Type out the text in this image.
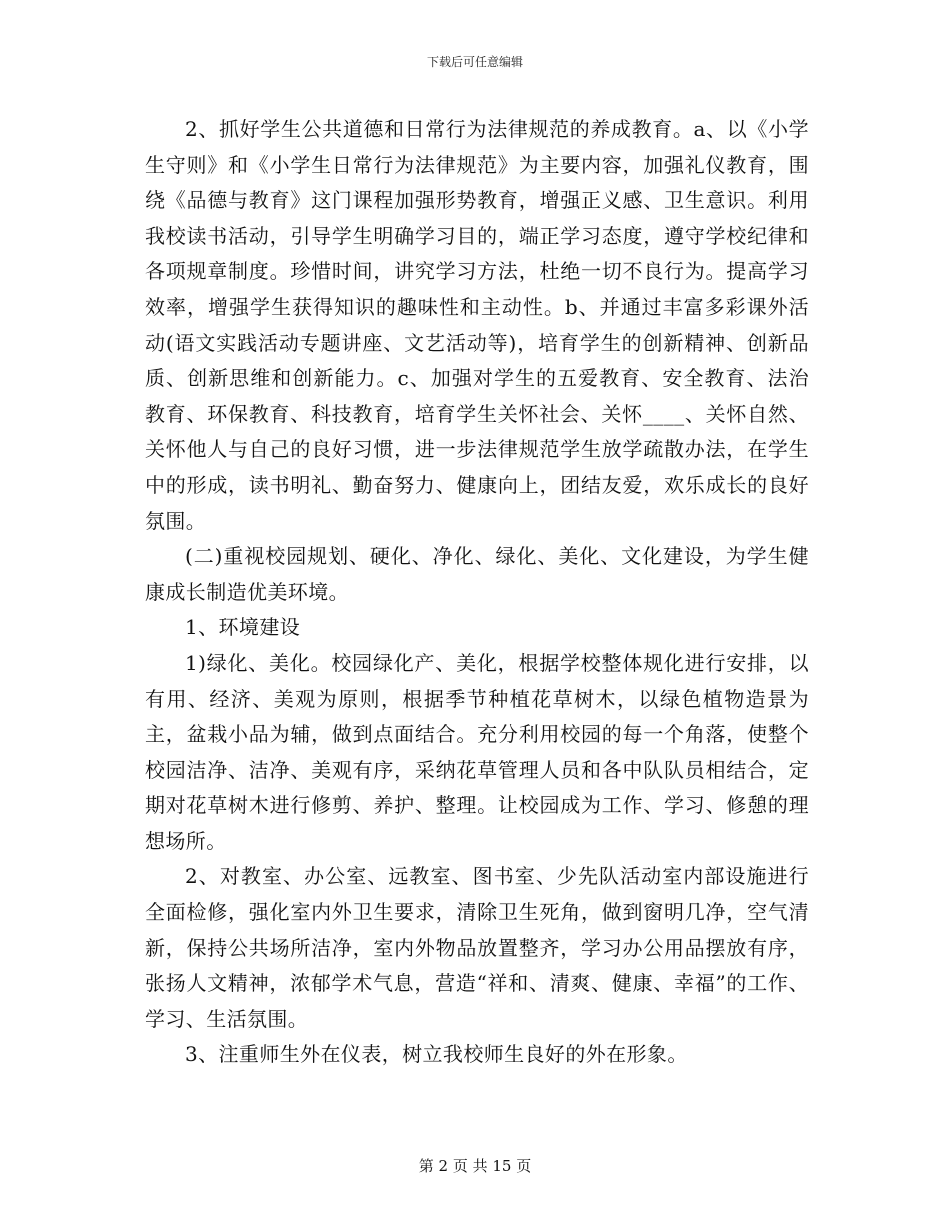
下载后可任意编辑

2、抓好学生公共道德和日常行为法律规范的养成教育。a、以《小学生守则》和《小学生日常行为法律规范》为主要内容，加强礼仪教育，围绕《品德与教育》这门课程加强形势教育，增强正义感、卫生意识。利用我校读书活动，引导学生明确学习目的，端正学习态度，遵守学校纪律和各项规章制度。珍惜时间，讲究学习方法，杜绝一切不良行为。提高学习效率，增强学生获得知识的趣味性和主动性。b、并通过丰富多彩课外活动(语文实践活动专题讲座、文艺活动等)，培育学生的创新精神、创新品质、创新思维和创新能力。c、加强对学生的五爱教育、安全教育、法治教育、环保教育、科技教育，培育学生关怀社会、关怀____、关怀自然、关怀他人与自己的良好习惯，进一步法律规范学生放学疏散办法，在学生中的形成，读书明礼、勤奋努力、健康向上，团结友爱，欢乐成长的良好氛围。

(二)重视校园规划、硬化、净化、绿化、美化、文化建设，为学生健康成长制造优美环境。

1、环境建设

1)绿化、美化。校园绿化产、美化，根据学校整体规化进行安排，以有用、经济、美观为原则，根据季节种植花草树木，以绿色植物造景为主，盆栽小品为辅，做到点面结合。充分利用校园的每一个角落，使整个校园洁净、洁净、美观有序，采纳花草管理人员和各中队队员相结合，定期对花草树木进行修剪、养护、整理。让校园成为工作、学习、修憩的理想场所。

2、对教室、办公室、远教室、图书室、少先队活动室内部设施进行全面检修，强化室内外卫生要求，清除卫生死角，做到窗明几净，空气清新，保持公共场所洁净，室内外物品放置整齐，学习办公用品摆放有序，张扬人文精神，浓郁学术气息，营造“祥和、清爽、健康、幸福”的工作、学习、生活氛围。

3、注重师生外在仪表，树立我校师生良好的外在形象。

第 2 页 共 15 页
